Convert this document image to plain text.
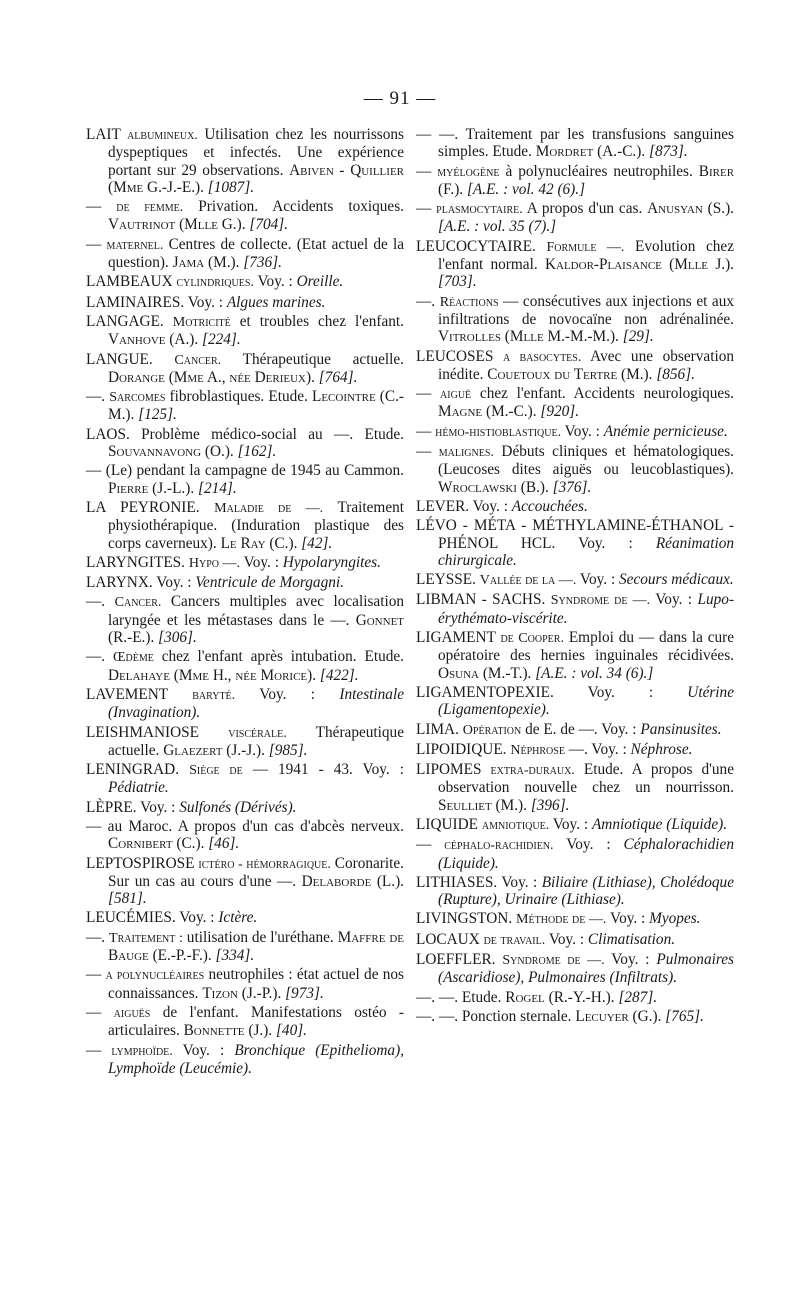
— 91 —

LAIT albumineux. Utilisation chez les nourrissons dyspeptiques et infectés. Une expérience portant sur 29 observations. Abiven - Quillier (Mme G.-J.-E.). [1087].

— de femme. Privation. Accidents toxiques. Vautrinot (Mlle G.). [704].

— maternel. Centres de collecte. (Etat actuel de la question). Jama (M.). [736].

LAMBEAUX cylindriques. Voy. : Oreille.

LAMINAIRES. Voy. : Algues marines.

LANGAGE. Motricité et troubles chez l'enfant. Vanhove (A.). [224].

LANGUE. Cancer. Thérapeutique actuelle. Dorange (Mme A., née Derieux). [764].

—. Sarcomes fibroblastiques. Etude. Lecointre (C.-M.). [125].

LAOS. Problème médico-social au —. Etude. Souvannavong (O.). [162].

— (Le) pendant la campagne de 1945 au Cammon. Pierre (J.-L.). [214].

LA PEYRONIE. Maladie de —. Traitement physiothérapique. (Induration plastique des corps caverneux). Le Ray (C.). [42].

LARYNGITES. Hypo —. Voy. : Hypolaryngites.

LARYNX. Voy. : Ventricule de Morgagni.

—. Cancer. Cancers multiples avec localisation laryngée et les métastases dans le —. Gonnet (R.-E.). [306].

—. Œdème chez l'enfant après intubation. Etude. Delahaye (Mme H., née Morice). [422].

LAVEMENT baryté. Voy. : Intestinale (Invagination).

LEISHMANIOSE viscérale. Thérapeutique actuelle. Glaezert (J.-J.). [985].

LENINGRAD. Siège de — 1941 - 43. Voy. : Pédiatrie.

LÈPRE. Voy. : Sulfonés (Dérivés).

— au Maroc. A propos d'un cas d'abcès nerveux. Cornibert (C.). [46].

LEPTOSPIROSE ictéro - hémorragique. Coronarite. Sur un cas au cours d'une —. Delaborde (L.). [581].

LEUCÉMIES. Voy. : Ictère.

—. Traitement : utilisation de l'uréthane. Maffre de Bauge (E.-P.-F.). [334].

— a polynucléaires neutrophiles : état actuel de nos connaissances. Tizon (J.-P.). [973].

— aiguës de l'enfant. Manifestations ostéo - articulaires. Bonnette (J.). [40].

— lymphoïde. Voy. : Bronchique (Epithelioma), Lymphoïde (Leucémie).

— —. Traitement par les transfusions sanguines simples. Etude. Mordret (A.-C.). [873].

— myélogène à polynucléaires neutrophiles. Birer (F.). [A.E. : vol. 42 (6).]

— plasmocytaire. A propos d'un cas. Anusyan (S.). [A.E. : vol. 35 (7).]

LEUCOCYTAIRE. Formule —. Evolution chez l'enfant normal. Kaldor-Plaisance (Mlle J.). [703].

—. Réactions — consécutives aux injections et aux infiltrations de novocaïne non adrénalinée. Vitrolles (Mlle M.-M.-M.). [29].

LEUCOSES a basocytes. Avec une observation inédite. Couetoux du Tertre (M.). [856].

— aiguë chez l'enfant. Accidents neurologiques. Magne (M.-C.). [920].

— hémo-histioblastique. Voy. : Anémie pernicieuse.

— malignes. Débuts cliniques et hématologiques. (Leucoses dites aiguës ou leucoblastiques). Wroclawski (B.). [376].

LEVER. Voy. : Accouchées.

LÉVO - MÉTA - MÉTHYLAMINE-ÉTHANOL - PHÉNOL HCL. Voy. : Réanimation chirurgicale.

LEYSSE. Vallée de la —. Voy. : Secours médicaux.

LIBMAN - SACHS. Syndrome de —. Voy. : Lupo-érythémato-viscérite.

LIGAMENT de Cooper. Emploi du — dans la cure opératoire des hernies inguinales récidivées. Osuna (M.-T.). [A.E. : vol. 34 (6).]

LIGAMENTOPEXIE. Voy. : Utérine (Ligamentopexie).

LIMA. Opération de E. de —. Voy. : Pansinusites.

LIPOIDIQUE. Néphrose —. Voy. : Néphrose.

LIPOMES extra-duraux. Etude. A propos d'une observation nouvelle chez un nourrisson. Seulliet (M.). [396].

LIQUIDE amniotique. Voy. : Amniotique (Liquide).

— céphalo-rachidien. Voy. : Céphalorachidien (Liquide).

LITHIASES. Voy. : Biliaire (Lithiase), Cholédoque (Rupture), Urinaire (Lithiase).

LIVINGSTON. Méthode de —. Voy. : Myopes.

LOCAUX de travail. Voy. : Climatisation.

LOEFFLER. Syndrome de —. Voy. : Pulmonaires (Ascaridiose), Pulmonaires (Infiltrats).

—. —. Etude. Rogel (R.-Y.-H.). [287].

—. —. Ponction sternale. Lecuyer (G.). [765].
